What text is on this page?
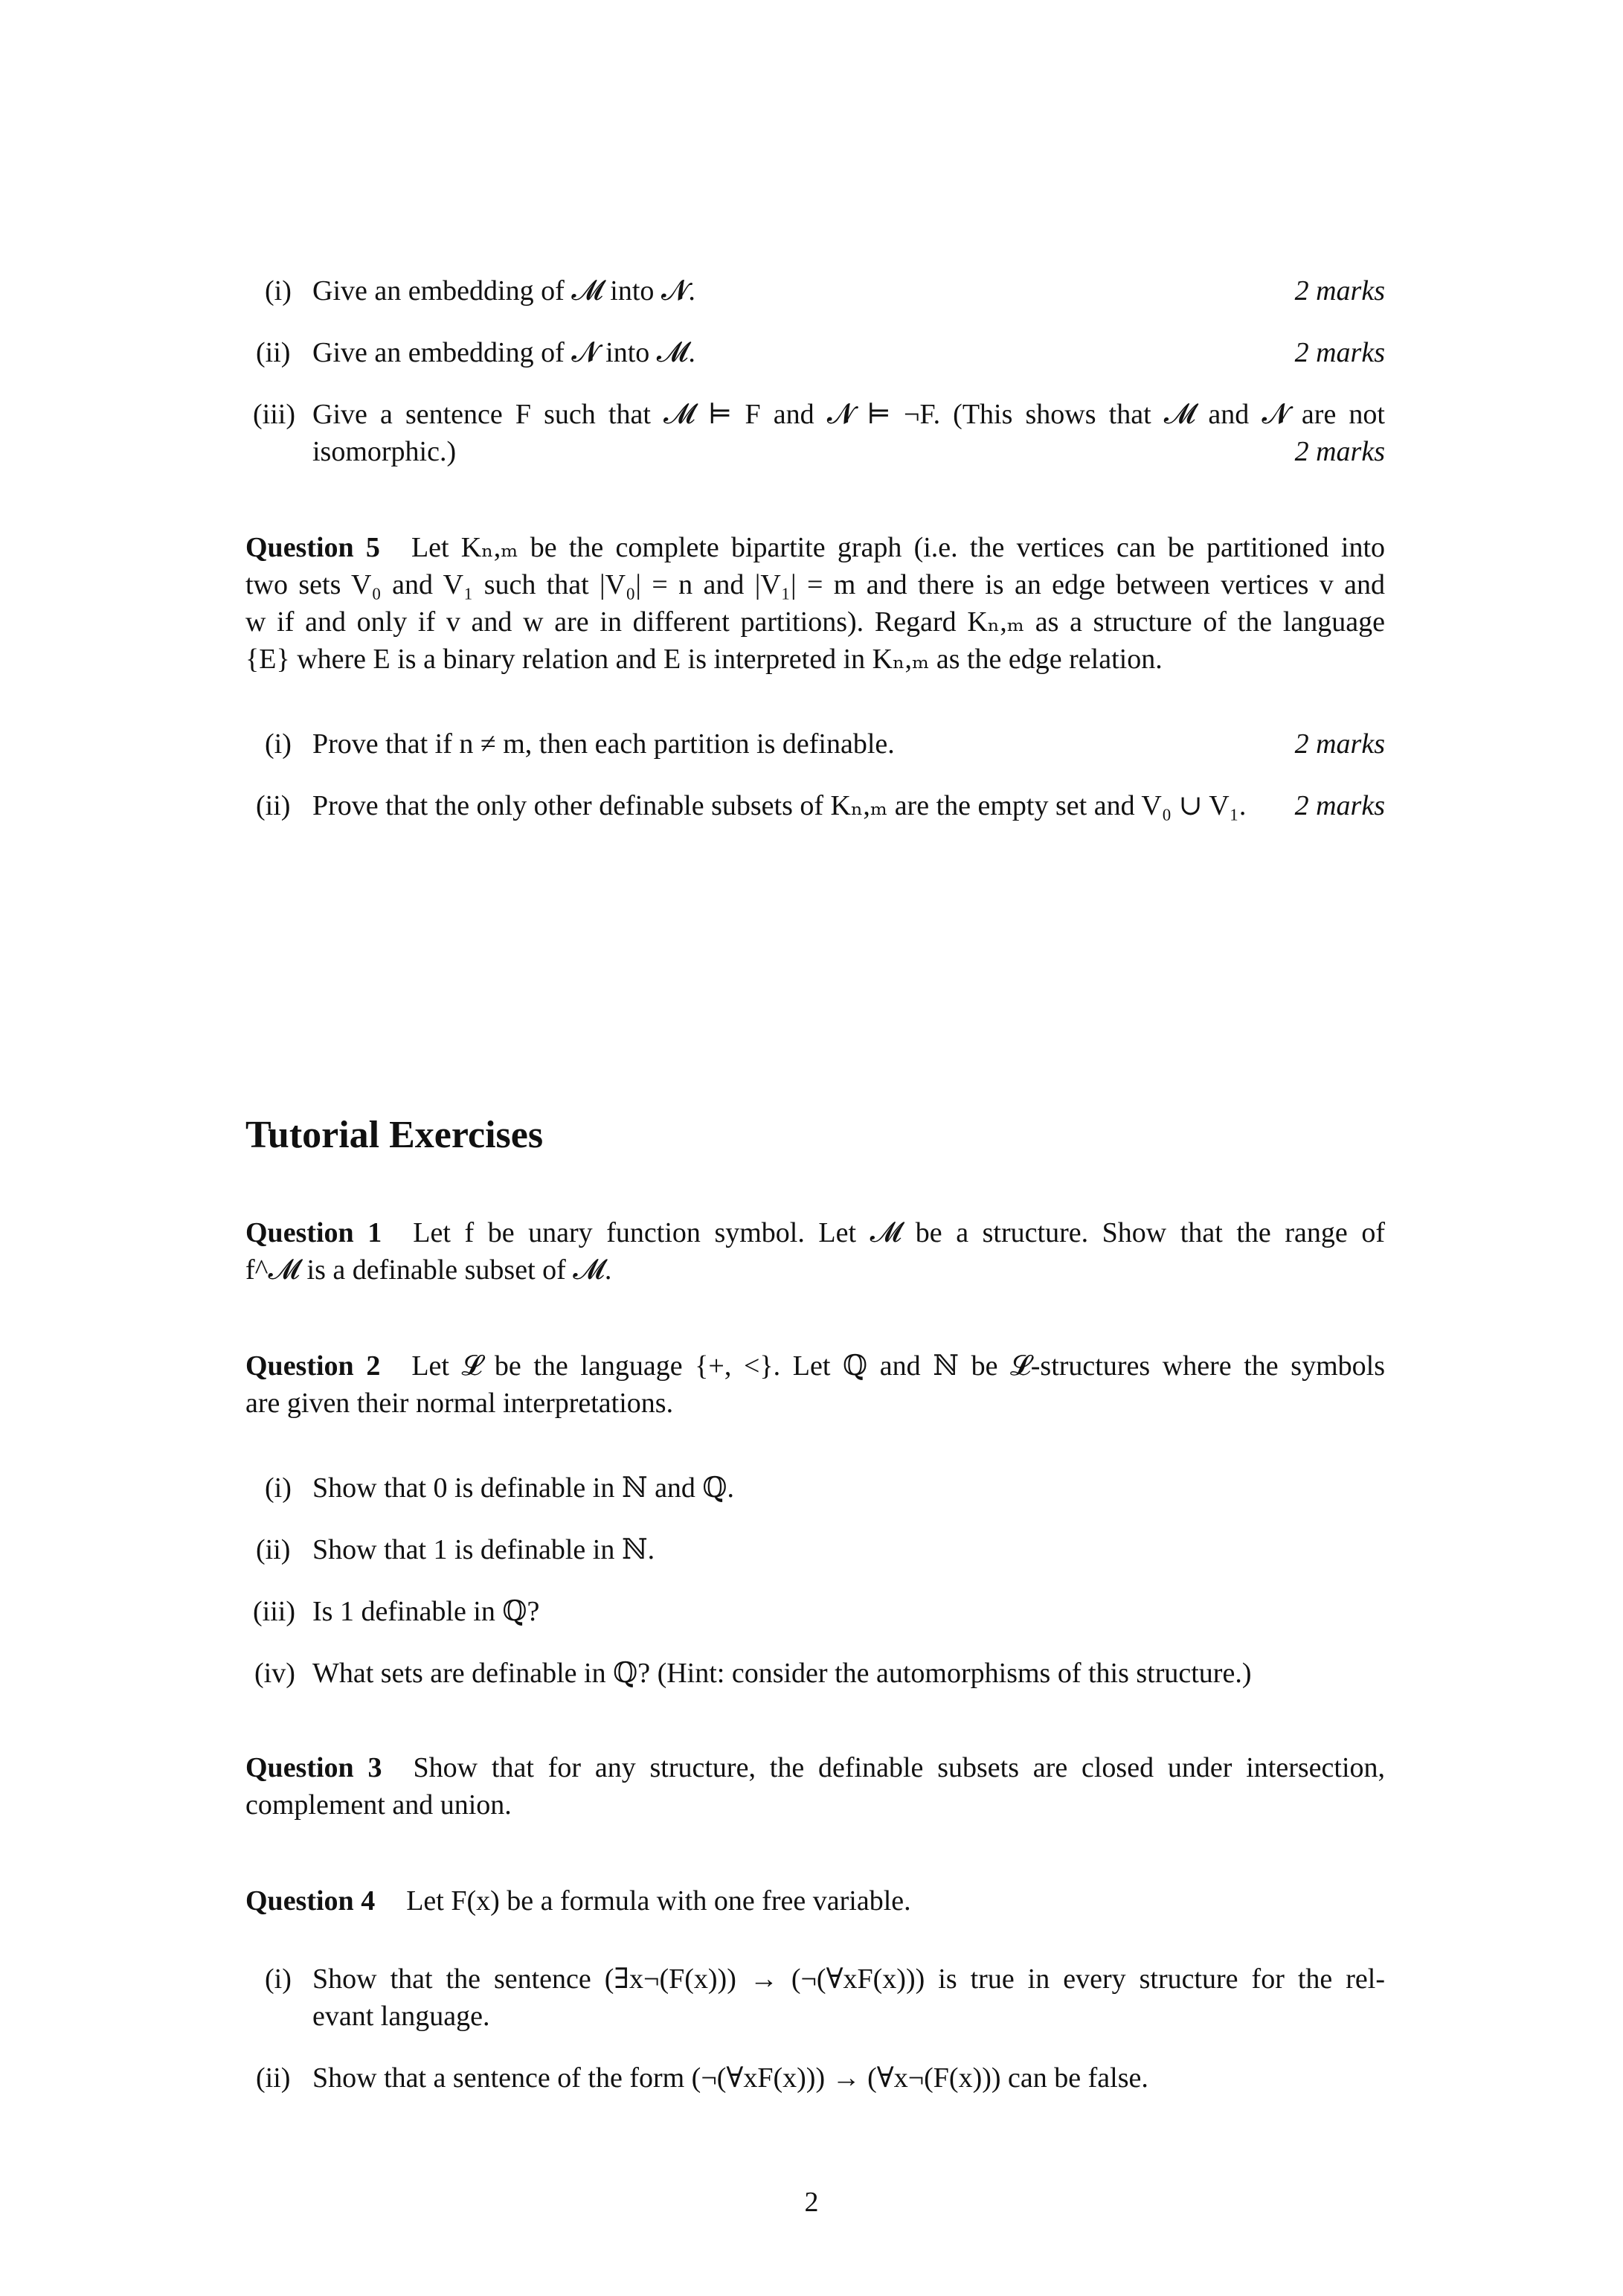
(i) Give an embedding of 𝓜 into 𝓝.	2 marks
(ii) Give an embedding of 𝓝 into 𝓜.	2 marks
(iii) Give a sentence F such that 𝓜 ⊨ F and 𝓝 ⊨ ¬F. (This shows that 𝓜 and 𝓝 are not
isomorphic.)	2 marks
Question 5 Let Kₙ,ₘ be the complete bipartite graph (i.e. the vertices can be partitioned into
two sets V₀ and V₁ such that |V₀| = n and |V₁| = m and there is an edge between vertices v and
w if and only if v and w are in different partitions). Regard Kₙ,ₘ as a structure of the language
{E} where E is a binary relation and E is interpreted in Kₙ,ₘ as the edge relation.
(i) Prove that if n ≠ m, then each partition is definable.	2 marks
(ii) Prove that the only other definable subsets of Kₙ,ₘ are the empty set and V₀ ∪ V₁. 2 marks
Tutorial Exercises
Question 1 Let f be unary function symbol. Let 𝓜 be a structure. Show that the range of
f^𝓜 is a definable subset of 𝓜.
Question 2 Let 𝓛 be the language {+, <}. Let ℚ and ℕ be 𝓛-structures where the symbols
are given their normal interpretations.
(i) Show that 0 is definable in ℕ and ℚ.
(ii) Show that 1 is definable in ℕ.
(iii) Is 1 definable in ℚ?
(iv) What sets are definable in ℚ? (Hint: consider the automorphisms of this structure.)
Question 3 Show that for any structure, the definable subsets are closed under intersection,
complement and union.
Question 4 Let F(x) be a formula with one free variable.
(i) Show that the sentence (∃x¬(F(x))) → (¬(∀xF(x))) is true in every structure for the rel-
evant language.
(ii) Show that a sentence of the form (¬(∀xF(x))) → (∀x¬(F(x))) can be false.
2
